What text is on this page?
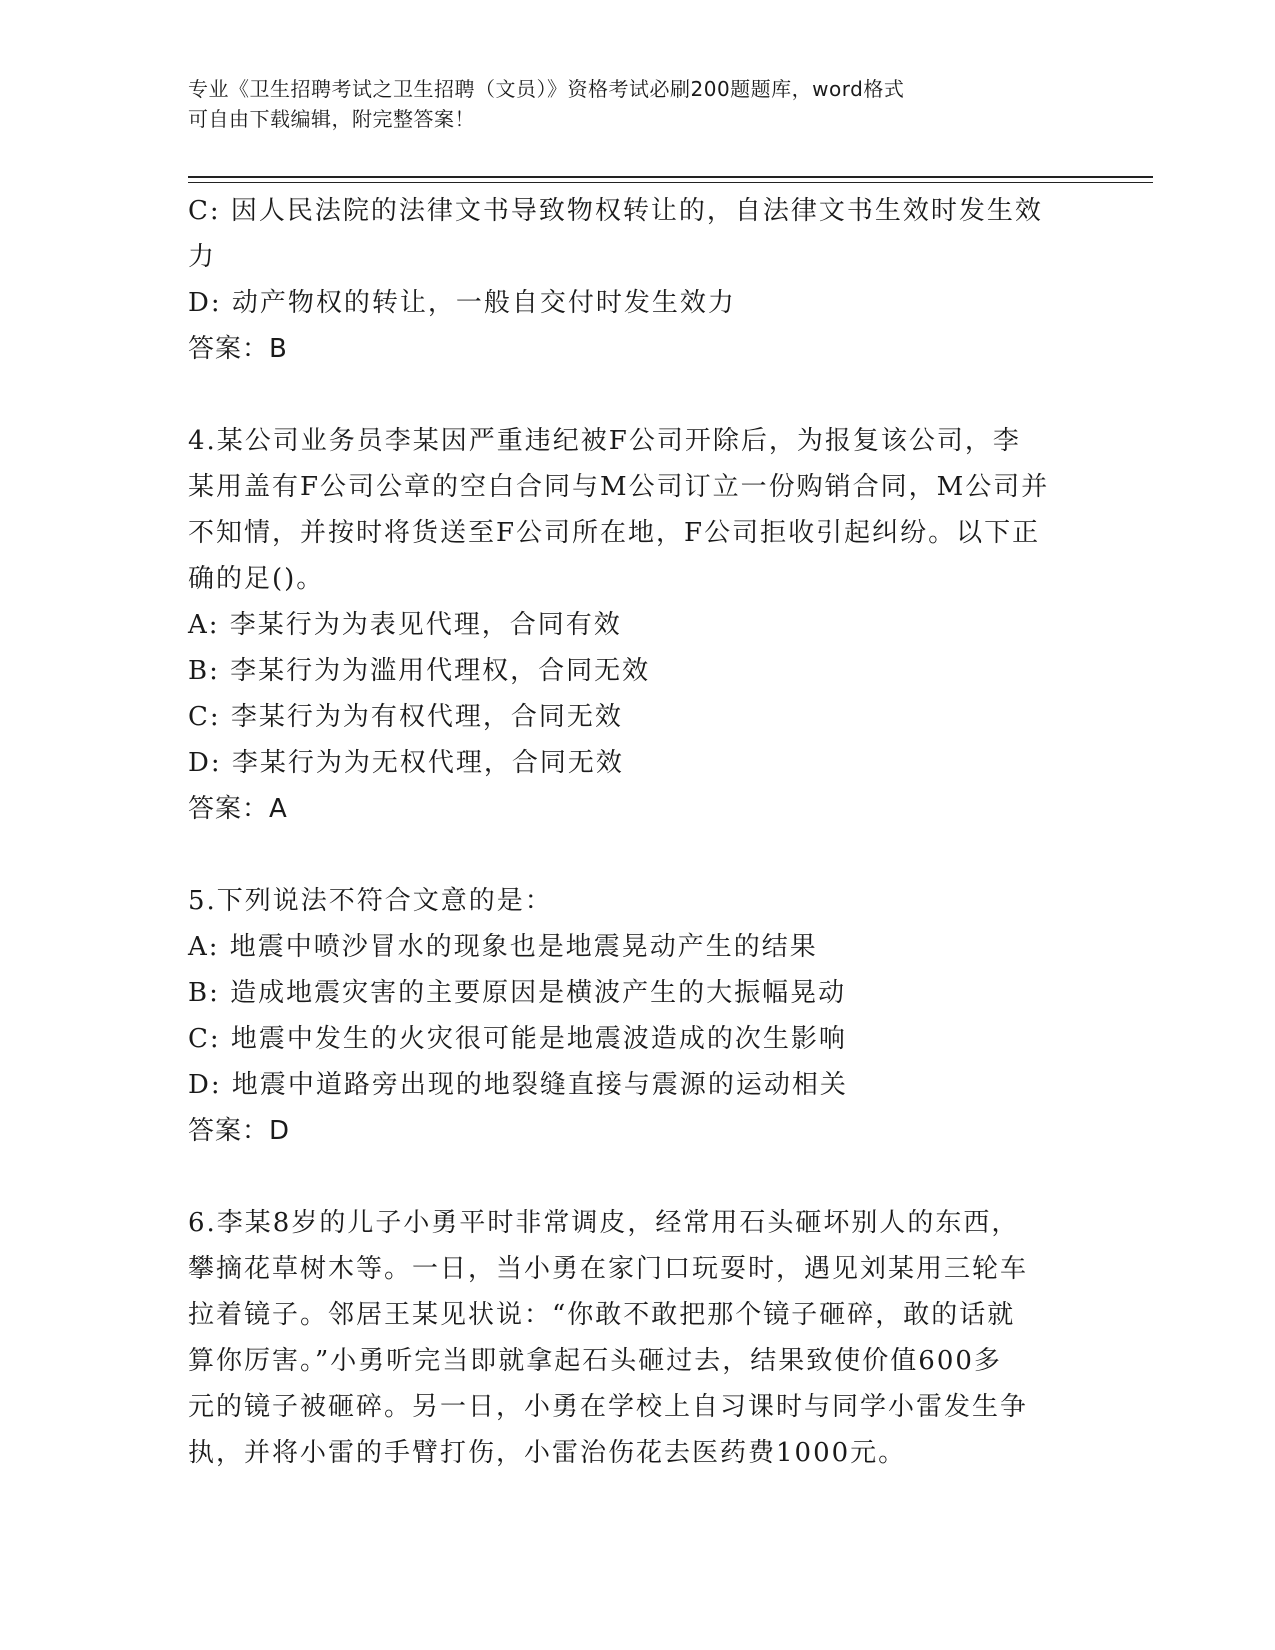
专业《卫生招聘考试之卫生招聘（文员）》资格考试必刷200题题库，word格式
可自由下载编辑，附完整答案！
C: 因人民法院的法律文书导致物权转让的，自法律文书生效时发生效
力
D: 动产物权的转让，一般自交付时发生效力
答案：B
4.某公司业务员李某因严重违纪被F公司开除后，为报复该公司，李
某用盖有F公司公章的空白合同与M公司订立一份购销合同，M公司并
不知情，并按时将货送至F公司所在地，F公司拒收引起纠纷。以下正
确的足()。
A: 李某行为为表见代理，合同有效
B: 李某行为为滥用代理权，合同无效
C: 李某行为为有权代理，合同无效
D: 李某行为为无权代理，合同无效
答案：A
5.下列说法不符合文意的是：
A: 地震中喷沙冒水的现象也是地震晃动产生的结果
B: 造成地震灾害的主要原因是横波产生的大振幅晃动
C: 地震中发生的火灾很可能是地震波造成的次生影响
D: 地震中道路旁出现的地裂缝直接与震源的运动相关
答案：D
6.李某8岁的儿子小勇平时非常调皮，经常用石头砸坏别人的东西，
攀摘花草树木等。一日，当小勇在家门口玩耍时，遇见刘某用三轮车
拉着镜子。邻居王某见状说：“你敢不敢把那个镜子砸碎，敢的话就
算你厉害。”小勇听完当即就拿起石头砸过去，结果致使价值600多
元的镜子被砸碎。另一日，小勇在学校上自习课时与同学小雷发生争
执，并将小雷的手臂打伤，小雷治伤花去医药费1000元。
